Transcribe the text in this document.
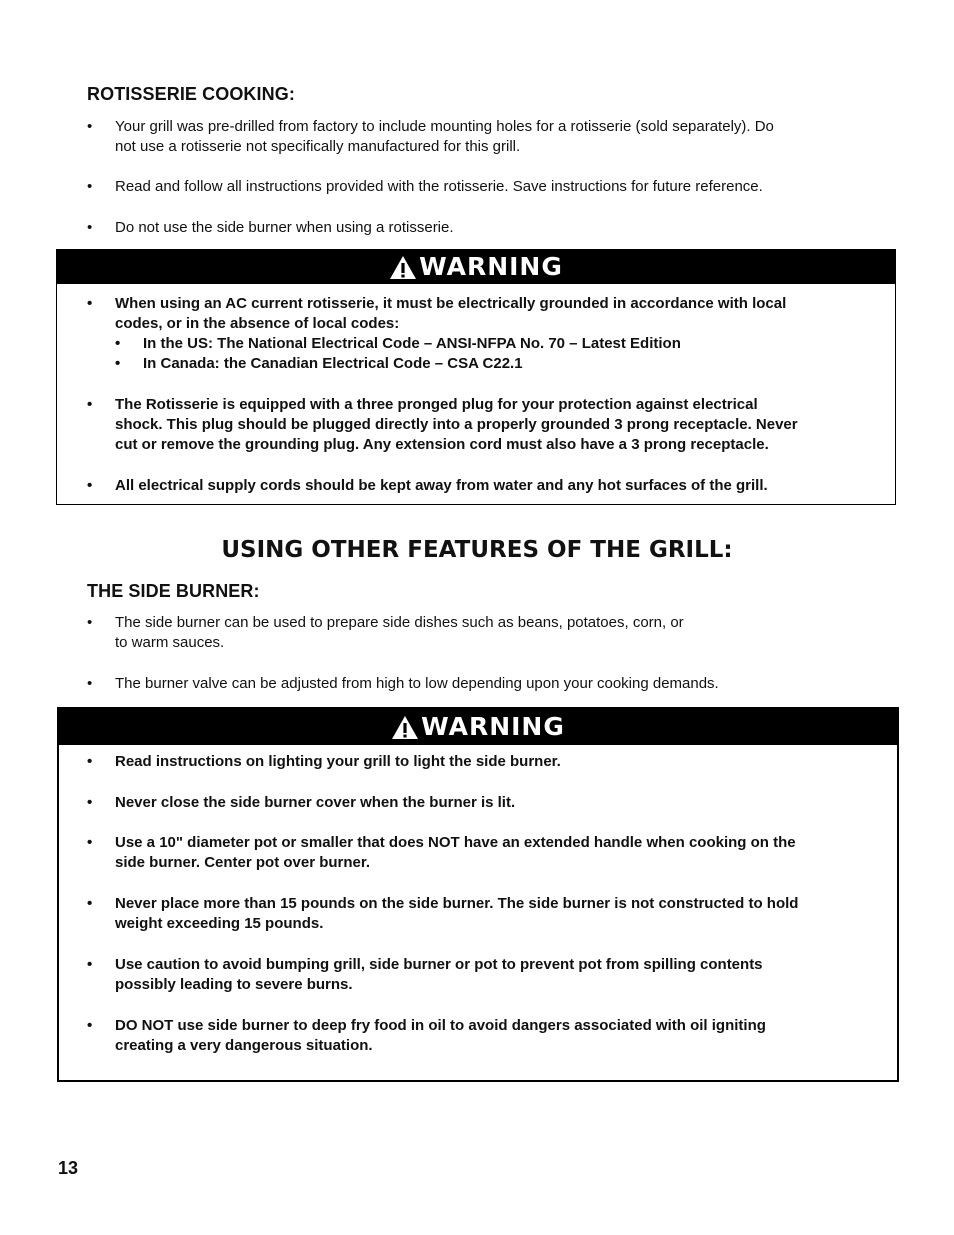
ROTISSERIE COOKING:
• Your grill was pre-drilled from factory to include mounting holes for a rotisserie (sold separately). Do
not use a rotisserie not specifically manufactured for this grill.
• Read and follow all instructions provided with the rotisserie. Save instructions for future reference.
• Do not use the side burner when using a rotisserie.
WARNING
• When using an AC current rotisserie, it must be electrically grounded in accordance with local
codes, or in the absence of local codes:
• In the US: The National Electrical Code – ANSI-NFPA No. 70 – Latest Edition
• In Canada: the Canadian Electrical Code – CSA C22.1
• The Rotisserie is equipped with a three pronged plug for your protection against electrical
shock. This plug should be plugged directly into a properly grounded 3 prong receptacle. Never
cut or remove the grounding plug. Any extension cord must also have a 3 prong receptacle.
• All electrical supply cords should be kept away from water and any hot surfaces of the grill.
USING OTHER FEATURES OF THE GRILL:
THE SIDE BURNER:
• The side burner can be used to prepare side dishes such as beans, potatoes, corn, or
to warm sauces.
• The burner valve can be adjusted from high to low depending upon your cooking demands.
WARNING
• Read instructions on lighting your grill to light the side burner.
• Never close the side burner cover when the burner is lit.
• Use a 10" diameter pot or smaller that does NOT have an extended handle when cooking on the
side burner. Center pot over burner.
• Never place more than 15 pounds on the side burner. The side burner is not constructed to hold
weight exceeding 15 pounds.
• Use caution to avoid bumping grill, side burner or pot to prevent pot from spilling contents
possibly leading to severe burns.
• DO NOT use side burner to deep fry food in oil to avoid dangers associated with oil igniting
creating a very dangerous situation.
13
